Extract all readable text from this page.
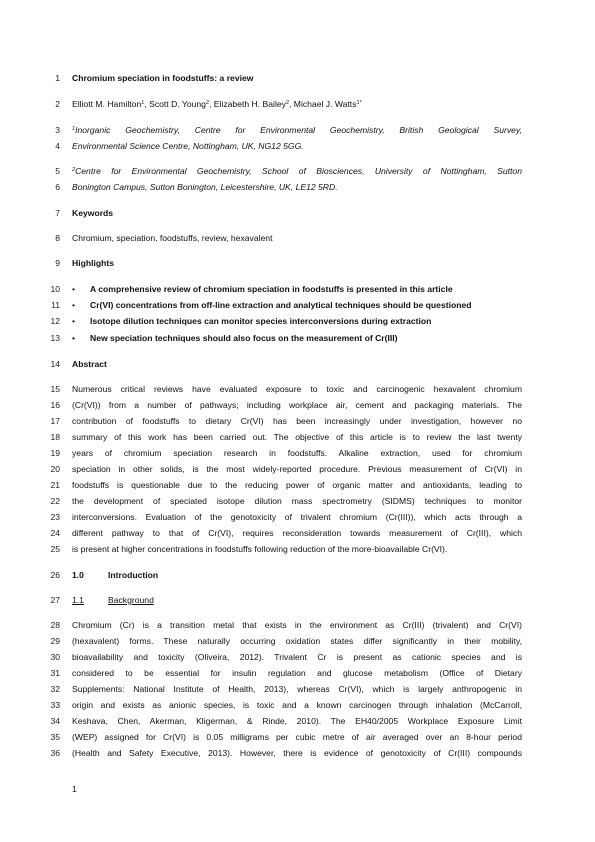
1
2
3
4
5
6
7
8
9
10
11
12
13
14
15
16
17
18
19
20
21
22
23
24
25
26
27
28
29
30
31
32
33
34
35
36
Chromium speciation in foodstuffs: a review
Elliott M. Hamilton$^1$, Scott D. Young$^2$, Elizabeth H. Bailey$^2$, Michael J. Watts$^{1*}$
$^1$Inorganic Geochemistry, Centre for Environmental Geochemistry, British Geological Survey,
Environmental Science Centre, Nottingham, UK, NG12 5GG.
$^2$Centre for Environmental Geochemistry, School of Biosciences, University of Nottingham, Sutton
Bonington Campus, Sutton Bonington, Leicestershire, UK, LE12 5RD.
Keywords
Chromium, speciation, foodstuffs, review, hexavalent
Highlights
• A comprehensive review of chromium speciation in foodstuffs is presented in this article
• Cr(VI) concentrations from off-line extraction and analytical techniques should be questioned
• Isotope dilution techniques can monitor species interconversions during extraction
• New speciation techniques should also focus on the measurement of Cr(III)
Abstract
Numerous critical reviews have evaluated exposure to toxic and carcinogenic hexavalent chromium
(Cr(VI)) from a number of pathways; including workplace air, cement and packaging materials. The
contribution of foodstuffs to dietary Cr(VI) has been increasingly under investigation, however no
summary of this work has been carried out. The objective of this article is to review the last twenty
years of chromium speciation research in foodstuffs. Alkaline extraction, used for chromium
speciation in other solids, is the most widely-reported procedure. Previous measurement of Cr(VI) in
foodstuffs is questionable due to the reducing power of organic matter and antioxidants, leading to
the development of speciated isotope dilution mass spectrometry (SIDMS) techniques to monitor
interconversions. Evaluation of the genotoxicity of trivalent chromium (Cr(III)), which acts through a
different pathway to that of Cr(VI), requires reconsideration towards measurement of Cr(III), which
is present at higher concentrations in foodstuffs following reduction of the more-bioavailable Cr(VI).
1.0	Introduction
1.1	Background
Chromium (Cr) is a transition metal that exists in the environment as Cr(III) (trivalent) and Cr(VI)
(hexavalent) forms. These naturally occurring oxidation states differ significantly in their mobility,
bioavailability and toxicity (Oliveira, 2012). Trivalent Cr is present as cationic species and is
considered to be essential for insulin regulation and glucose metabolism (Office of Dietary
Supplements: National Institute of Health, 2013), whereas Cr(VI), which is largely anthropogenic in
origin and exists as anionic species, is toxic and a known carcinogen through inhalation (McCarroll,
Keshava, Chen, Akerman, Kligerman, & Rinde, 2010). The EH40/2005 Workplace Exposure Limit
(WEP) assigned for Cr(VI) is 0.05 milligrams per cubic metre of air averaged over an 8-hour period
(Health and Safety Executive, 2013). However, there is evidence of genotoxicity of Cr(III) compounds
1
